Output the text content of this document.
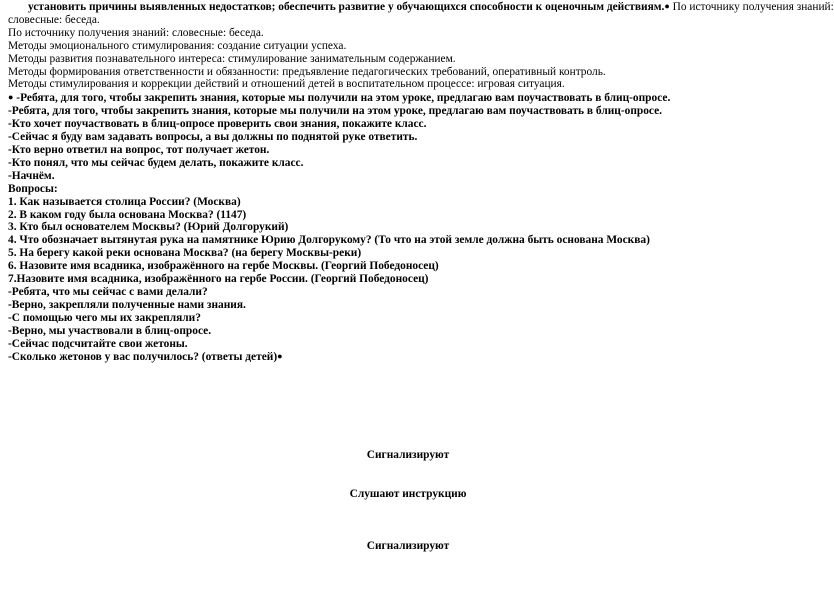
установить причины выявленных недостатков; обеспечить развитие у обучающихся способности к оценочным действиям.● По источнику получения знаний:
словесные: беседа.
По источнику получения знаний: словесные: беседа.
Методы эмоционального стимулирования: создание ситуации успеха.
Методы развития познавательного интереса: стимулирование занимательным содержанием.
Методы формирования ответственности и обязанности: предъявление педагогических требований, оперативный контроль.
Методы стимулирования и коррекции действий и отношений детей в воспитательном процессе: игровая ситуация.
● -Ребята, для того, чтобы закрепить знания, которые мы получили на этом уроке, предлагаю вам поучаствовать в блиц-опросе.
-Ребята, для того, чтобы закрепить знания, которые мы получили на этом уроке, предлагаю вам поучаствовать в блиц-опросе.
-Кто хочет поучаствовать в блиц-опросе проверить свои знания, покажите класс.
-Сейчас я буду вам задавать вопросы, а вы должны по поднятой руке ответить.
-Кто верно ответил на вопрос, тот получает жетон.
-Кто понял, что мы сейчас будем делать, покажите класс.
-Начнём.
Вопросы:
1. Как называется столица России? (Москва)
2. В каком году была основана Москва? (1147)
3. Кто был основателем Москвы? (Юрий Долгорукий)
4. Что обозначает вытянутая рука на памятнике Юрию Долгорукому? (То что на этой земле должна быть основана Москва)
5. На берегу какой реки основана Москва? (на берегу Москвы-реки)
6. Назовите имя всадника, изображённого на гербе Москвы. (Георгий Победоносец)
7.Назовите имя всадника, изображённого на гербе России. (Георгий Победоносец)
-Ребята, что мы сейчас с вами делали?
-Верно, закрепляли полученные нами знания.
-С помощью чего мы их закрепляли?
-Верно, мы участвовали в блиц-опросе.
-Сейчас подсчитайте свои жетоны.
-Сколько жетонов у вас получилось? (ответы детей)●
Сигнализируют
Слушают инструкцию
Сигнализируют
